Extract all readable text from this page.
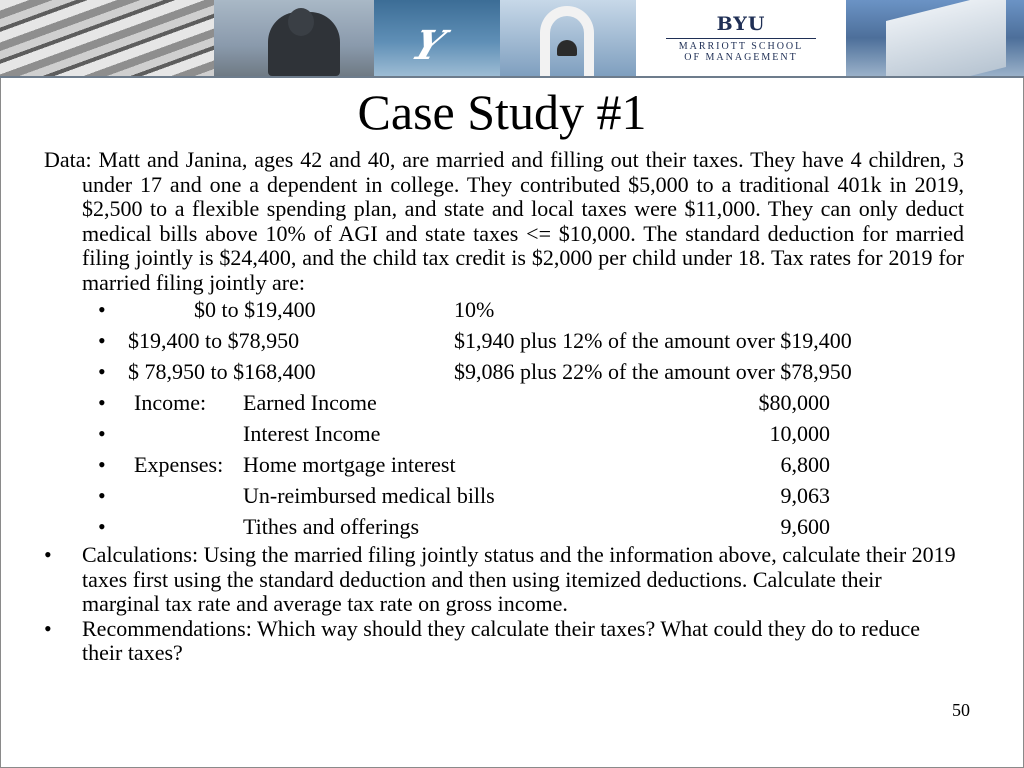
Y	BYU
MARRIOTT SCHOOL
OF MANAGEMENT
Case Study #1

Data: Matt and Janina, ages 42 and 40, are married and filling out their taxes. They have 4 children, 3 under 17 and one a dependent in college. They contributed $5,000 to a traditional 401k in 2019, $2,500 to a flexible spending plan, and state and local taxes were $11,000. They can only deduct medical bills above 10% of AGI and state taxes <= $10,000. The standard deduction for married filing jointly is $24,400, and the child tax credit is $2,000 per child under 18. Tax rates for 2019 for married filing jointly are:

•	$0 to $19,400	10%
• $19,400 to $78,950	$1,940 plus 12% of the amount over $19,400
• $ 78,950 to $168,400	$9,086 plus 22% of the amount over $78,950
• Income: Earned Income	$80,000
•	Interest Income	10,000
• Expenses: Home mortgage interest	6,800
•	Un-reimbursed medical bills	9,063
•	Tithes and offerings	9,600

• Calculations: Using the married filing jointly status and the information above, calculate their 2019 taxes first using the standard deduction and then using itemized deductions. Calculate their marginal tax rate and average tax rate on gross income.

• Recommendations: Which way should they calculate their taxes? What could they do to reduce their taxes?

50
